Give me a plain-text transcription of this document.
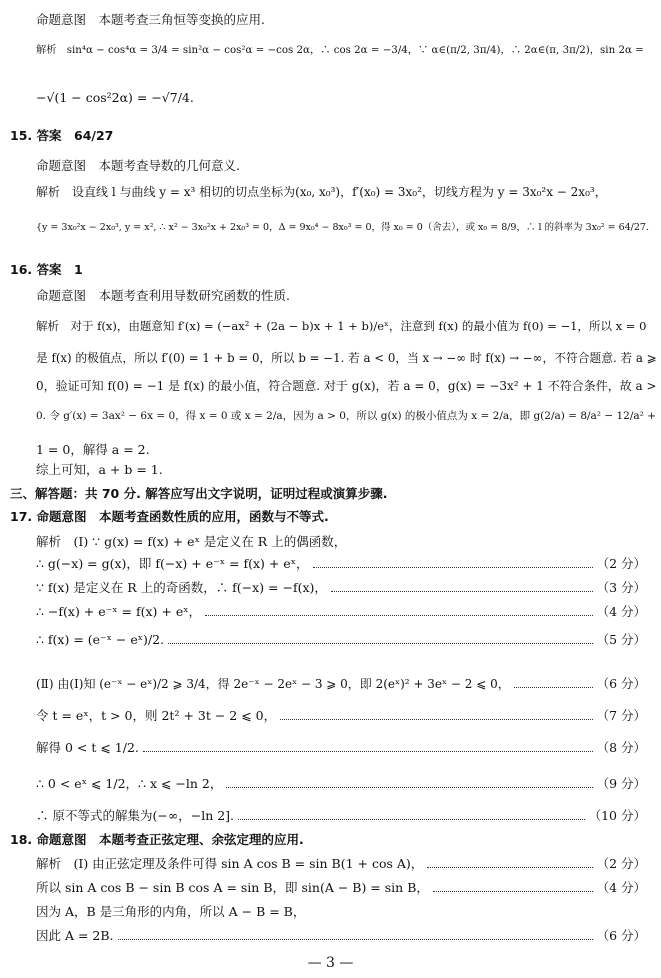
命题意图　本题考查三角恒等变换的应用.
解析　sin⁴α − cos⁴α = 3/4 = sin²α − cos²α = −cos 2α，∴ cos 2α = −3/4，∵ α∈(π/2, 3π/4)，∴ 2α∈(π, 3π/2)，sin 2α =
−√(1 − cos²2α) = −√7/4.
15. 答案　64/27
命题意图　本题考查导数的几何意义.
解析　设直线 l 与曲线 y = x³ 相切的切点坐标为(x₀, x₀³)，f′(x₀) = 3x₀²，切线方程为 y = 3x₀²x − 2x₀³，
{y = 3x₀²x − 2x₀³, y = x², ∴ x² − 3x₀²x + 2x₀³ = 0，Δ = 9x₀⁴ − 8x₀³ = 0，得 x₀ = 0（舍去），或 x₀ = 8/9，∴ l 的斜率为 3x₀² = 64/27.
16. 答案　1
命题意图　本题考查利用导数研究函数的性质.
解析　对于 f(x)，由题意知 f′(x) = (−ax² + (2a − b)x + 1 + b)/eˣ，注意到 f(x) 的最小值为 f(0) = −1，所以 x = 0
是 f(x) 的极值点，所以 f′(0) = 1 + b = 0，所以 b = −1. 若 a < 0，当 x → −∞ 时 f(x) → −∞，不符合题意. 若 a ⩾
0，验证可知 f(0) = −1 是 f(x) 的最小值，符合题意. 对于 g(x)，若 a = 0，g(x) = −3x² + 1 不符合条件，故 a >
0. 令 g′(x) = 3ax² − 6x = 0，得 x = 0 或 x = 2/a，因为 a > 0，所以 g(x) 的极小值点为 x = 2/a，即 g(2/a) = 8/a² − 12/a² +
1 = 0，解得 a = 2.
综上可知，a + b = 1.
三、解答题：共 70 分. 解答应写出文字说明，证明过程或演算步骤.
17. 命题意图　本题考查函数性质的应用，函数与不等式.
解析　(Ⅰ) ∵ g(x) = f(x) + eˣ 是定义在 R 上的偶函数，
∴ g(−x) = g(x)，即 f(−x) + e⁻ˣ = f(x) + eˣ，	（2 分）
∵ f(x) 是定义在 R 上的奇函数，∴ f(−x) = −f(x)，	（3 分）
∴ −f(x) + e⁻ˣ = f(x) + eˣ，	（4 分）
∴ f(x) = (e⁻ˣ − eˣ)/2.	（5 分）
(Ⅱ) 由(Ⅰ)知 (e⁻ˣ − eˣ)/2 ⩾ 3/4，得 2e⁻ˣ − 2eˣ − 3 ⩾ 0，即 2(eˣ)² + 3eˣ − 2 ⩽ 0，	（6 分）
令 t = eˣ，t > 0，则 2t² + 3t − 2 ⩽ 0，	（7 分）
解得 0 < t ⩽ 1/2.	（8 分）
∴ 0 < eˣ ⩽ 1/2，∴ x ⩽ −ln 2，	（9 分）
∴ 原不等式的解集为(−∞，−ln 2].	（10 分）
18. 命题意图　本题考查正弦定理、余弦定理的应用.
解析　(Ⅰ) 由正弦定理及条件可得 sin A cos B = sin B(1 + cos A)，	（2 分）
所以 sin A cos B − sin B cos A = sin B，即 sin(A − B) = sin B，	（4 分）
因为 A，B 是三角形的内角，所以 A − B = B，
因此 A = 2B.	（6 分）
— 3 —
